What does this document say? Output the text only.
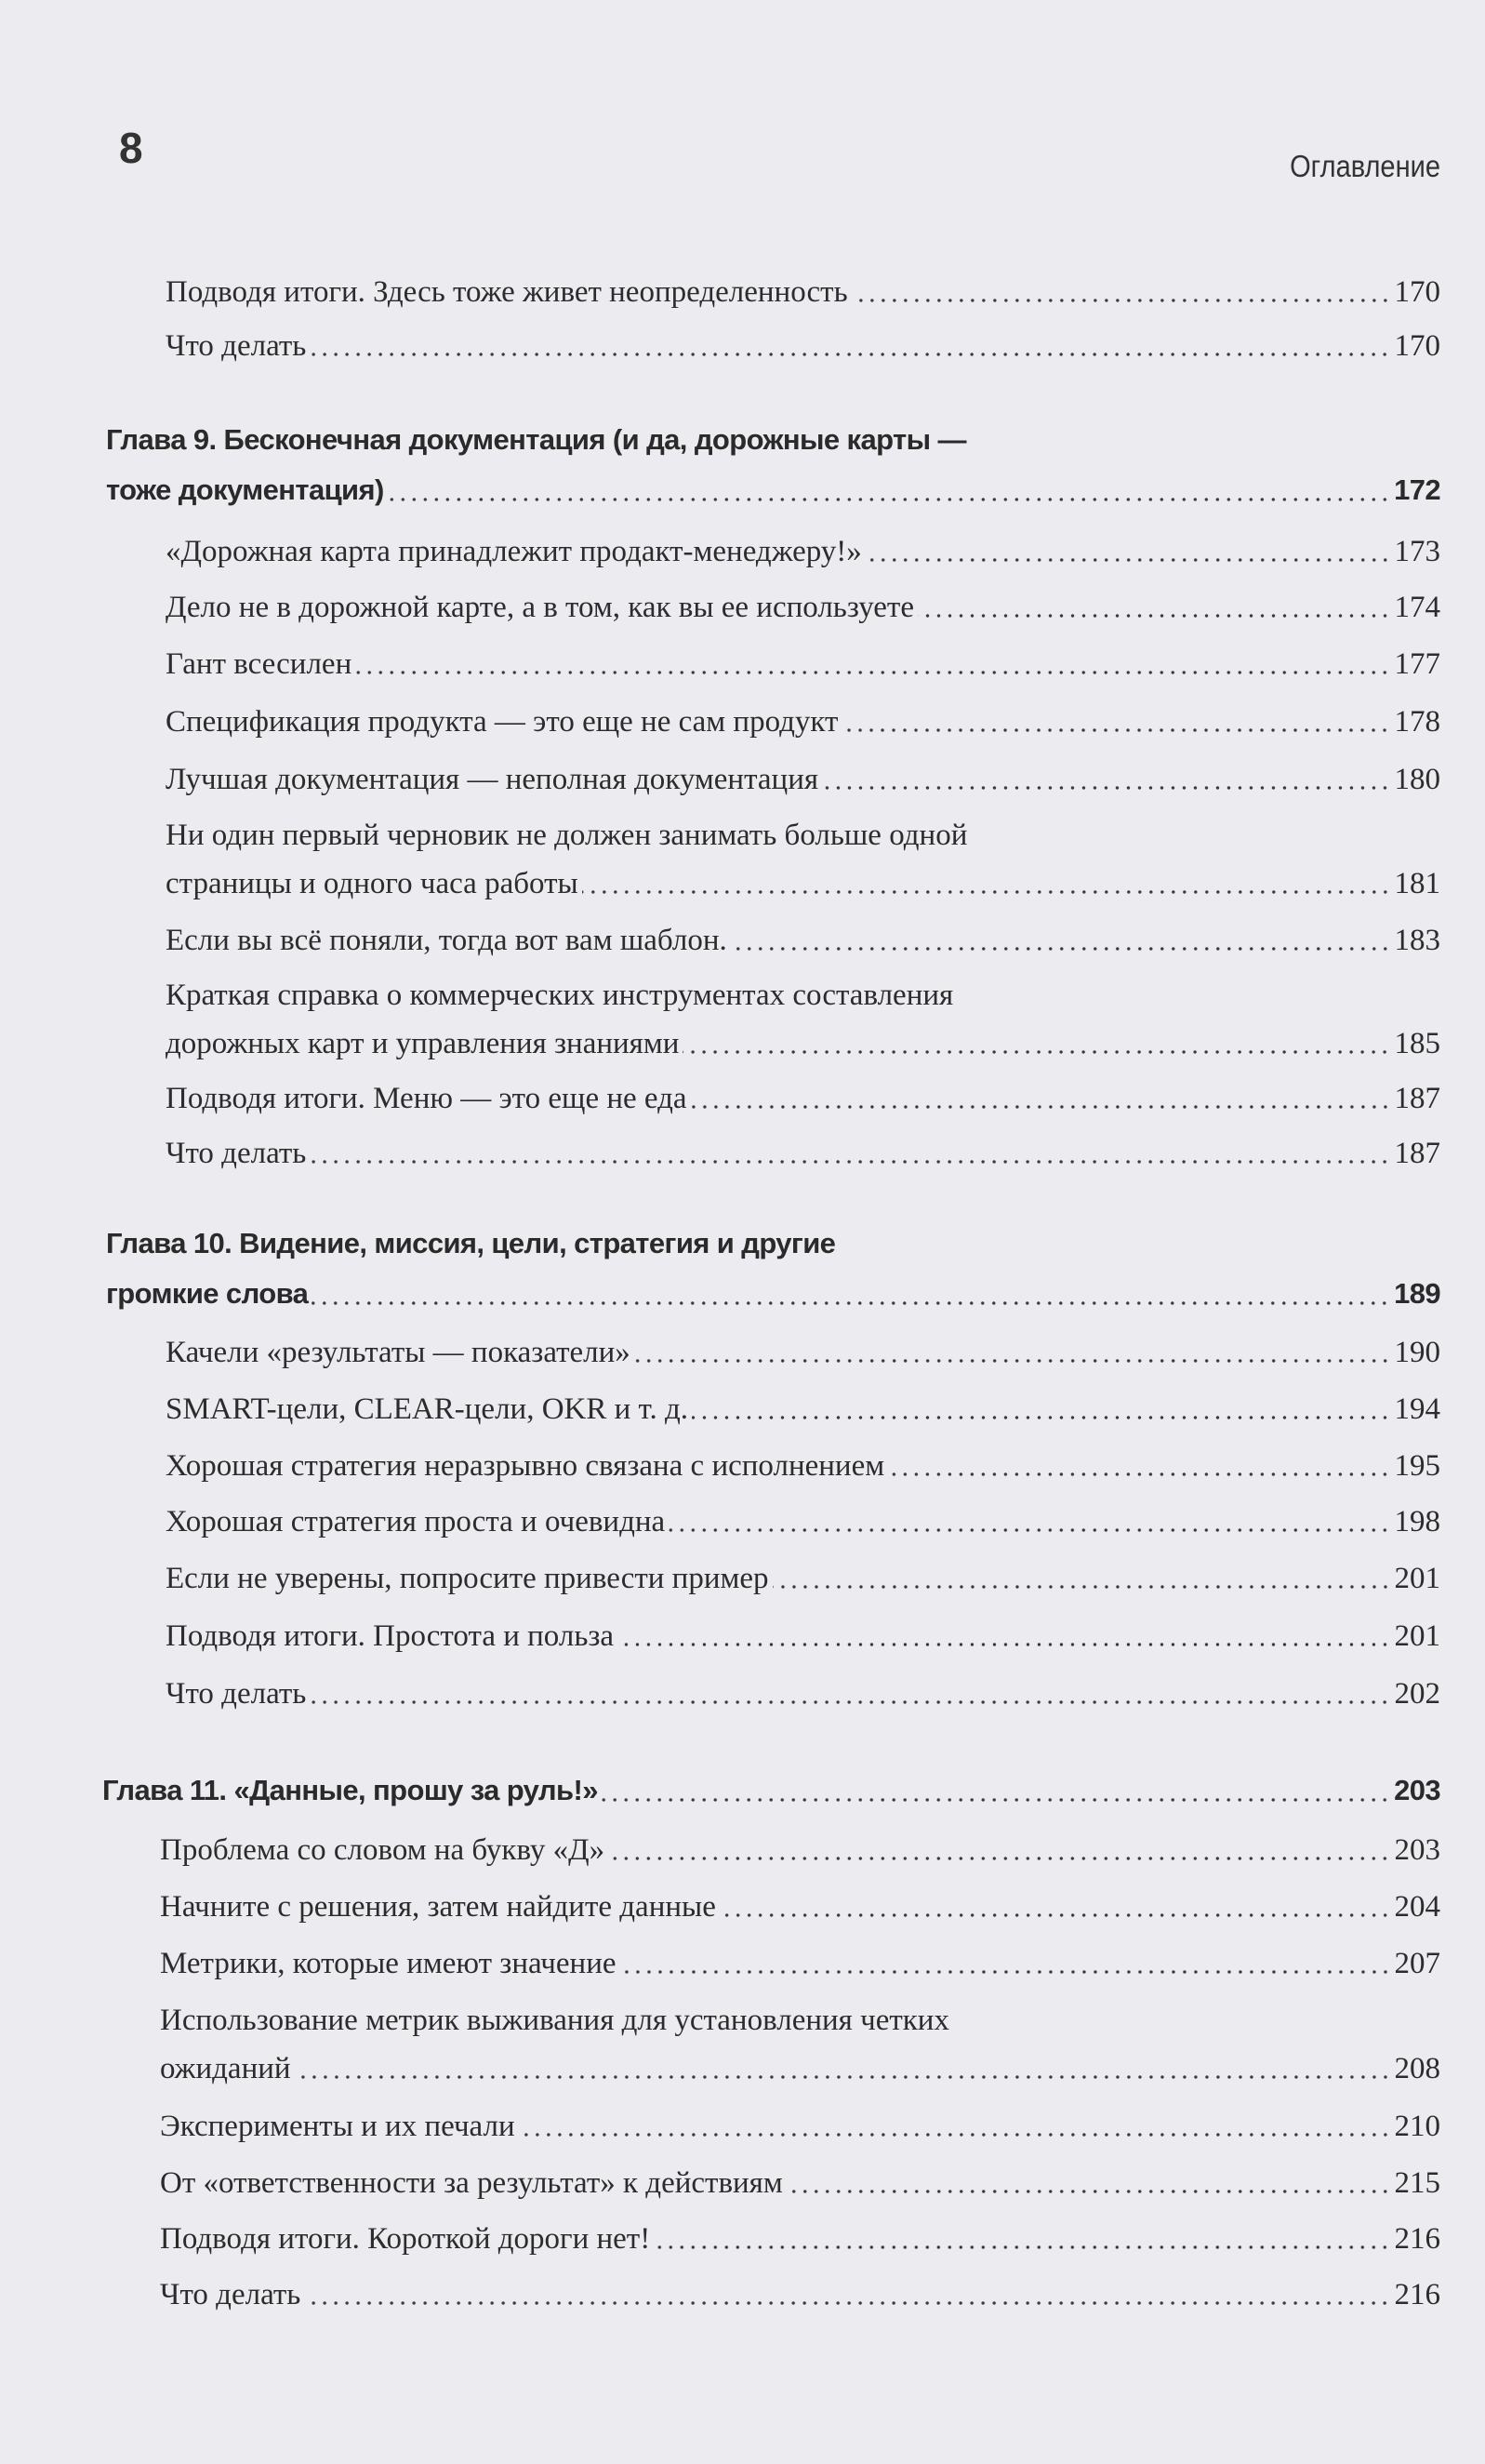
8	Оглавление
Подводя итоги. Здесь тоже живет неопределенность	170
Что делать	170
Глава 9. Бесконечная документация (и да, дорожные карты —
тоже документация)	172
«Дорожная карта принадлежит продакт-менеджеру!»	173
Дело не в дорожной карте, а в том, как вы ее используете	174
Гант всесилен	177
Спецификация продукта — это еще не сам продукт	178
Лучшая документация — неполная документация	180
Ни один первый черновик не должен занимать больше одной
страницы и одного часа работы	181
Если вы всё поняли, тогда вот вам шаблон.	183
Краткая справка о коммерческих инструментах составления
дорожных карт и управления знаниями	185
Подводя итоги. Меню — это еще не еда	187
Что делать	187
Глава 10. Видение, миссия, цели, стратегия и другие
громкие слова	189
Качели «результаты — показатели»	190
SMART-цели, CLEAR-цели, OKR и т. д.	194
Хорошая стратегия неразрывно связана с исполнением	195
Хорошая стратегия проста и очевидна	198
Если не уверены, попросите привести пример	201
Подводя итоги. Простота и польза	201
Что делать	202
Глава 11. «Данные, прошу за руль!»	203
Проблема со словом на букву «Д»	203
Начните с решения, затем найдите данные	204
Метрики, которые имеют значение	207
Использование метрик выживания для установления четких
ожиданий	208
Эксперименты и их печали	210
От «ответственности за результат» к действиям	215
Подводя итоги. Короткой дороги нет!	216
Что делать	216
